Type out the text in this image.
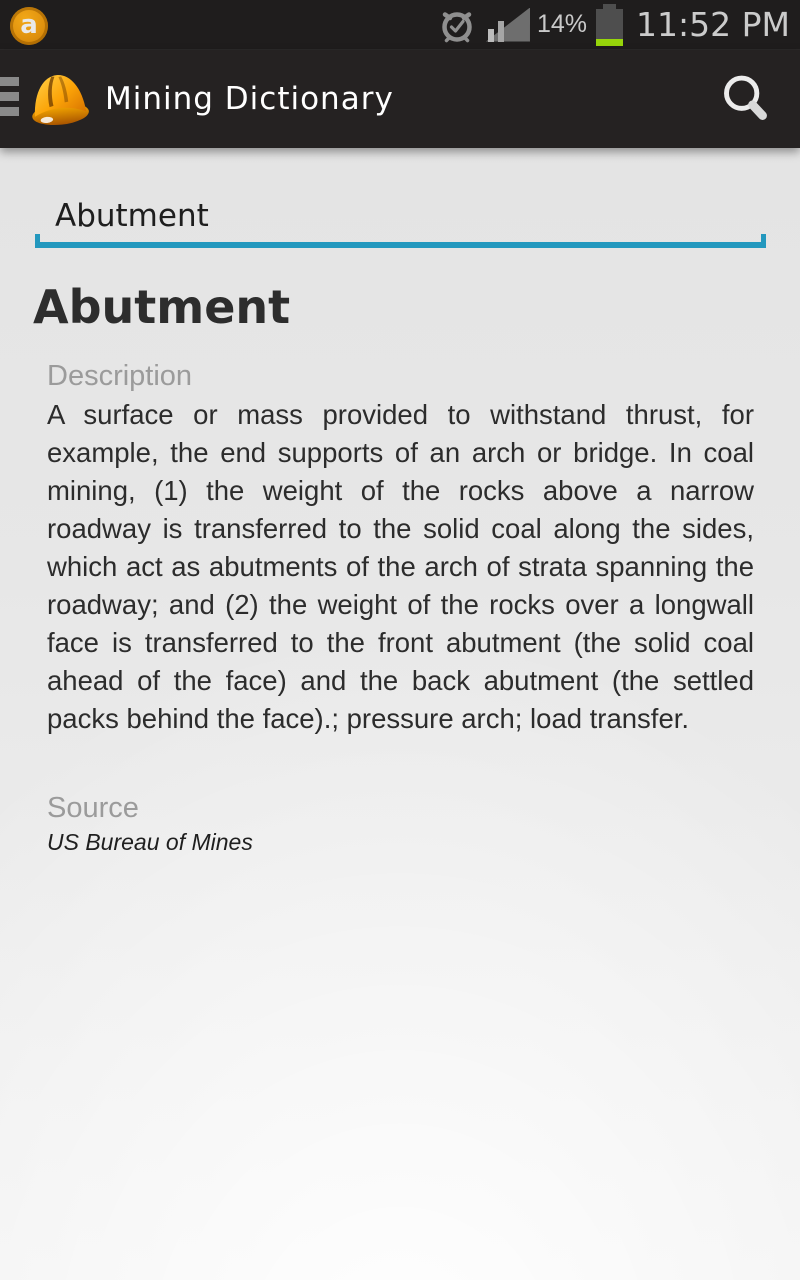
a	14% 11:52 PM
Mining Dictionary
Abutment
Abutment
Description

A surface or mass provided to withstand thrust, for example, the end supports of an arch or bridge. In coal mining, (1) the weight of the rocks above a narrow roadway is transferred to the solid coal along the sides, which act as abutments of the arch of strata spanning the roadway; and (2) the weight of the rocks over a longwall face is transferred to the front abutment (the solid coal ahead of the face) and the back abutment (the settled packs behind the face).; pressure arch; load transfer.

Source
US Bureau of Mines
